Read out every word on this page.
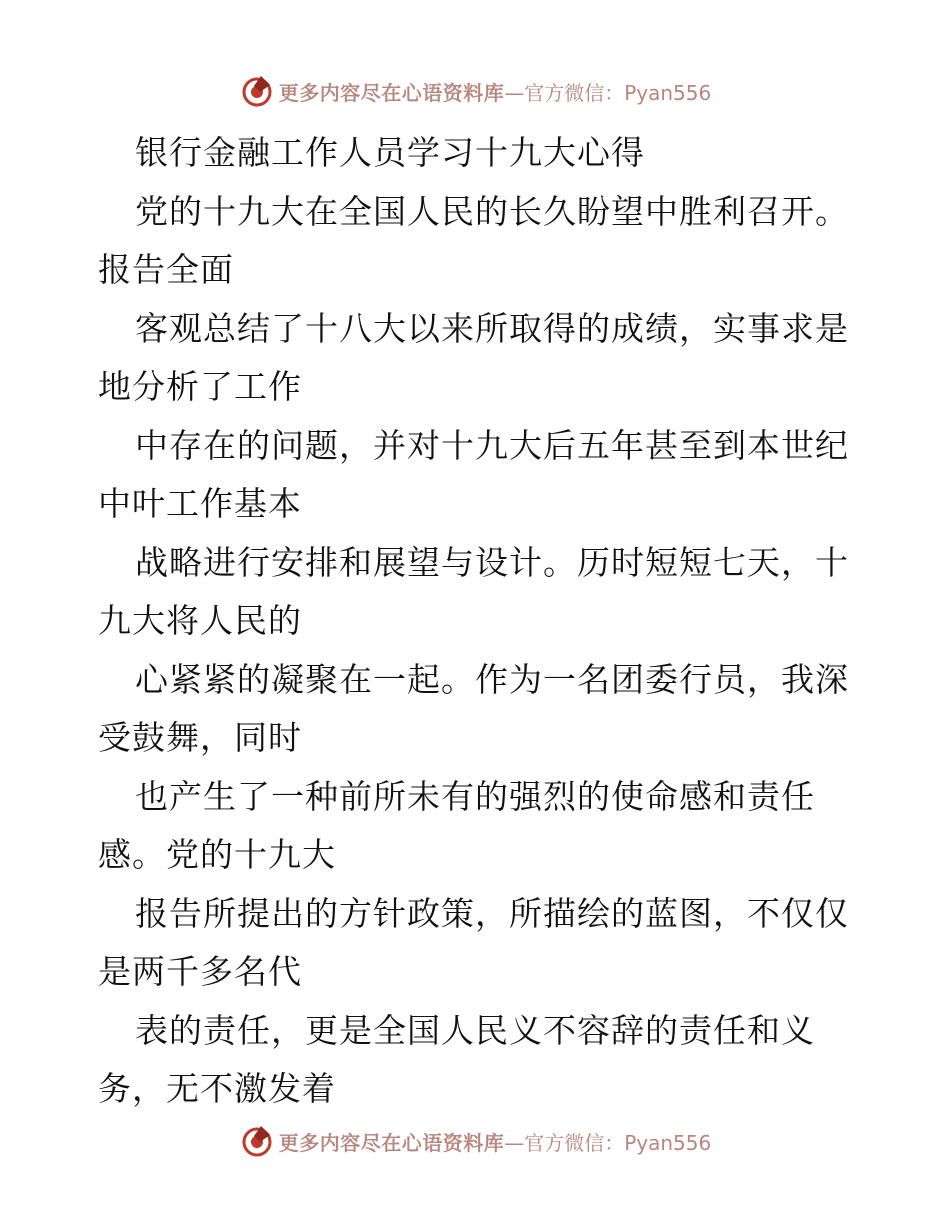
更多内容尽在心语资料库 —官方微信：Pyan556
银行金融工作人员学习十九大心得
党的十九大在全国人民的长久盼望中胜利召开。
报告全面
客观总结了十八大以来所取得的成绩，实事求是
地分析了工作
中存在的问题，并对十九大后五年甚至到本世纪
中叶工作基本
战略进行安排和展望与设计。历时短短七天，十
九大将人民的
心紧紧的凝聚在一起。作为一名团委行员，我深
受鼓舞，同时
也产生了一种前所未有的强烈的使命感和责任
感。党的十九大
报告所提出的方针政策，所描绘的蓝图，不仅仅
是两千多名代
表的责任，更是全国人民义不容辞的责任和义
务，无不激发着
更多内容尽在心语资料库 —官方微信：Pyan556
